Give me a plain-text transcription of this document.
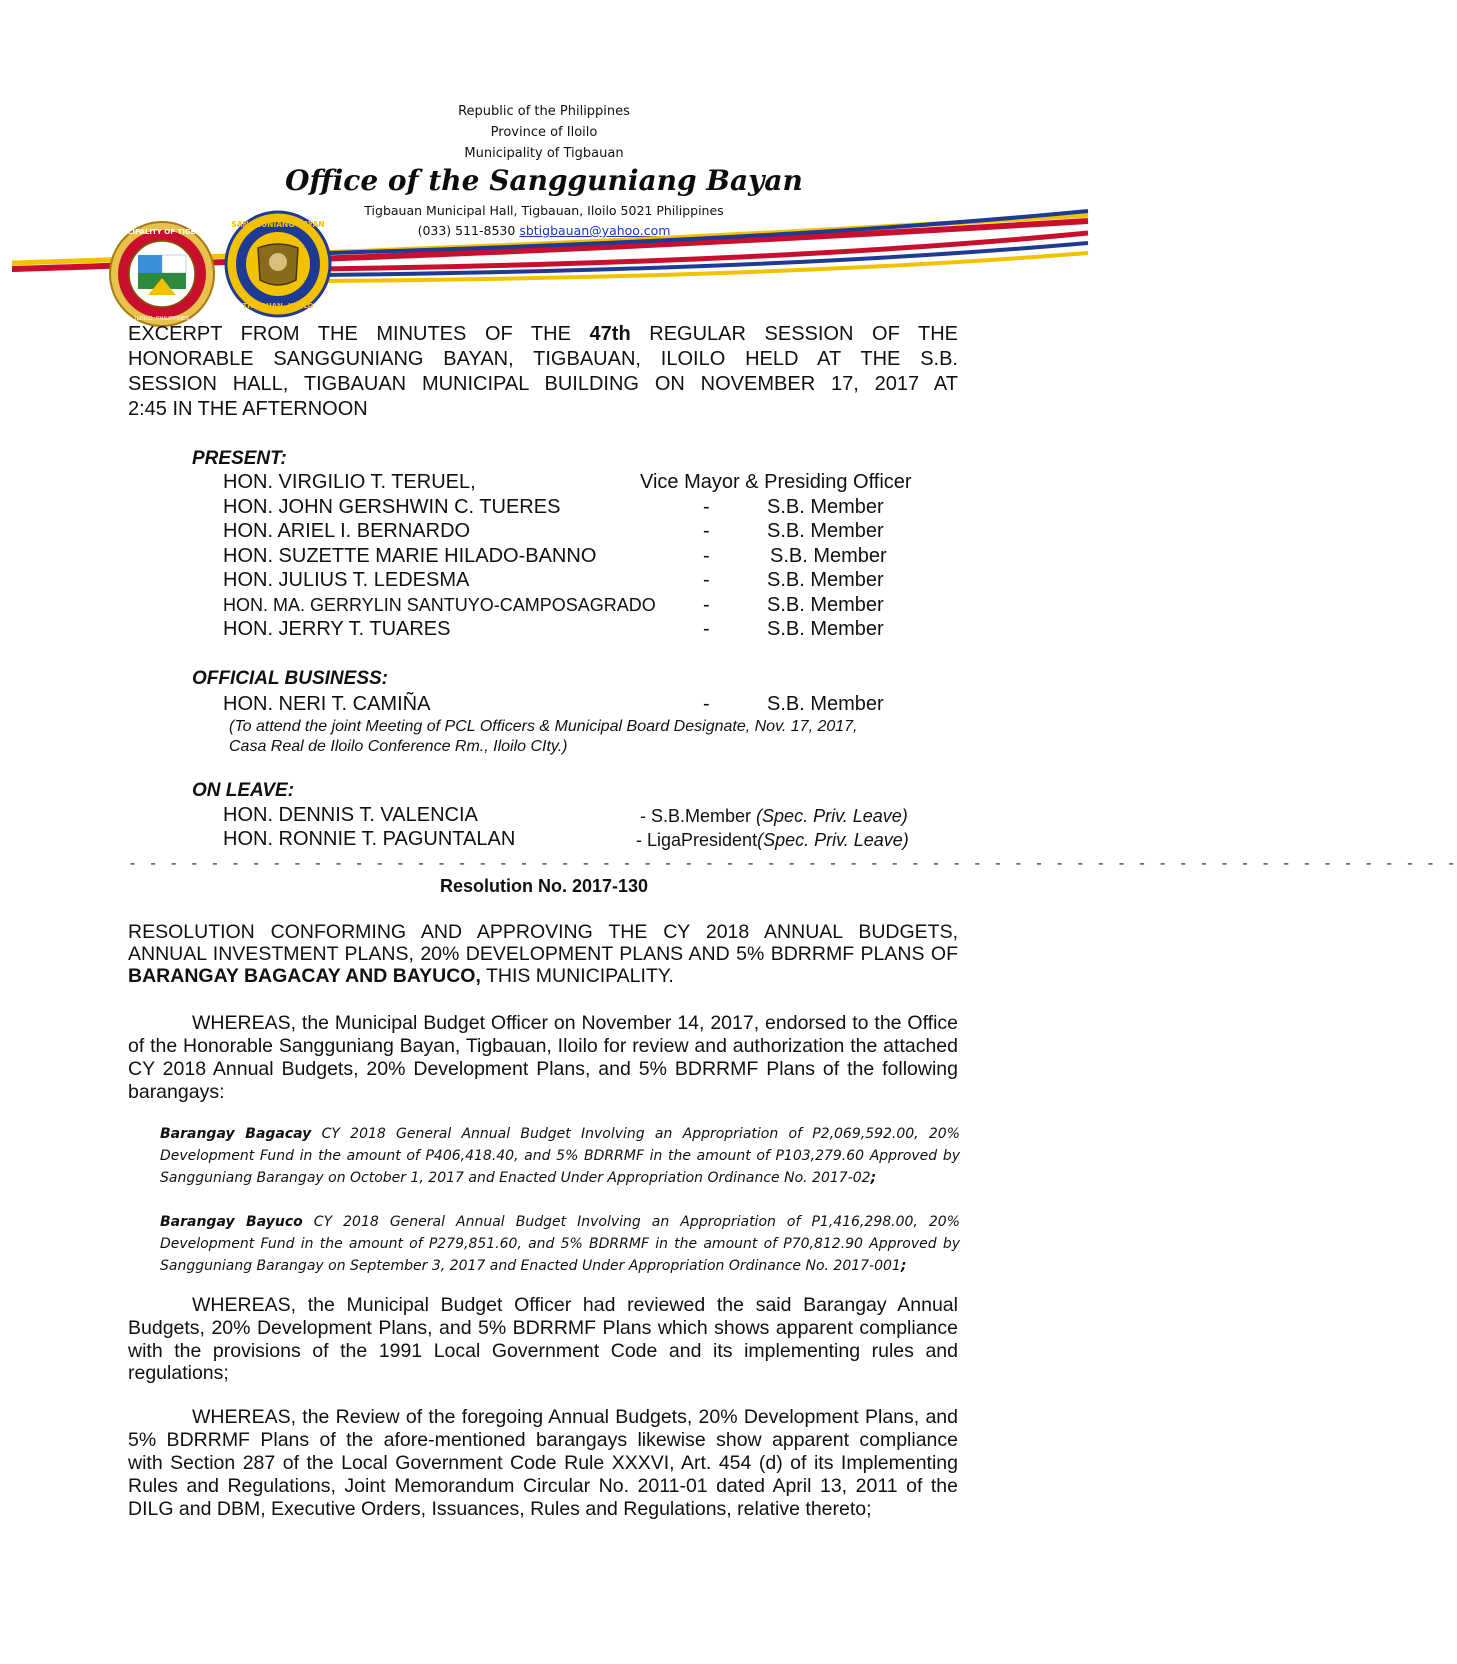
Republic of the Philippines
Province of Iloilo
Municipality of Tigbauan
Office of the Sangguniang Bayan
Tigbauan Municipal Hall, Tigbauan, Iloilo 5021 Philippines
(033) 511-8530 sbtigbauan@yahoo.com
MUNICIPALITY OF TIGBAUAN
ILOILO, PHILIPPINES
SANGGUNIANG BAYAN
TIGBAUAN, ILOILO
EXCERPT FROM THE MINUTES OF THE 47th REGULAR SESSION OF THE
HONORABLE SANGGUNIANG BAYAN, TIGBAUAN, ILOILO HELD AT THE S.B.
SESSION HALL, TIGBAUAN MUNICIPAL BUILDING ON NOVEMBER 17, 2017 AT
2:45 IN THE AFTERNOON
PRESENT:
HON. VIRGILIO T. TERUEL,	Vice Mayor & Presiding Officer
HON. JOHN GERSHWIN C. TUERES	-	S.B. Member
HON. ARIEL I. BERNARDO	-	S.B. Member
HON. SUZETTE MARIE HILADO-BANNO	-	S.B. Member
HON. JULIUS T. LEDESMA	-	S.B. Member
HON. MA. GERRYLIN SANTUYO-CAMPOSAGRADO -	S.B. Member
HON. JERRY T. TUARES	-	S.B. Member
OFFICIAL BUSINESS:
HON. NERI T. CAMIÑA	-	S.B. Member
(To attend the joint Meeting of PCL Officers & Municipal Board Designate, Nov. 17, 2017,
Casa Real de Iloilo Conference Rm., Iloilo CIty.)
ON LEAVE:
HON. DENNIS T. VALENCIA	- S.B.Member (Spec. Priv. Leave)
HON. RONNIE T. PAGUNTALAN	- LigaPresident(Spec. Priv. Leave)
- - - - - - - - - - - - - - - - - - - - - - - - - - - - - - - - - - - - - - - - - - - - - - - - - - - - - - - - - - - - - - - - -
Resolution No. 2017-130
RESOLUTION CONFORMING AND APPROVING THE CY 2018 ANNUAL BUDGETS,
ANNUAL INVESTMENT PLANS, 20% DEVELOPMENT PLANS AND 5% BDRRMF PLANS OF
BARANGAY BAGACAY AND BAYUCO, THIS MUNICIPALITY.
WHEREAS, the Municipal Budget Officer on November 14, 2017, endorsed to the Office
of the Honorable Sangguniang Bayan, Tigbauan, Iloilo for review and authorization the attached
CY 2018 Annual Budgets, 20% Development Plans, and 5% BDRRMF Plans of the following
barangays:
Barangay Bagacay CY 2018 General Annual Budget Involving an Appropriation of P2,069,592.00, 20% Development Fund in the amount of P406,418.40, and 5% BDRRMF in the amount of P103,279.60 Approved by Sangguniang Barangay on October 1, 2017 and Enacted Under Appropriation Ordinance No. 2017-02;
Barangay Bayuco CY 2018 General Annual Budget Involving an Appropriation of P1,416,298.00, 20% Development Fund in the amount of P279,851.60, and 5% BDRRMF in the amount of P70,812.90 Approved by Sangguniang Barangay on September 3, 2017 and Enacted Under Appropriation Ordinance No. 2017-001;
WHEREAS, the Municipal Budget Officer had reviewed the said Barangay Annual
Budgets, 20% Development Plans, and 5% BDRRMF Plans which shows apparent compliance
with the provisions of the 1991 Local Government Code and its implementing rules and
regulations;
WHEREAS, the Review of the foregoing Annual Budgets, 20% Development Plans, and
5% BDRRMF Plans of the afore-mentioned barangays likewise show apparent compliance
with Section 287 of the Local Government Code Rule XXXVI, Art. 454 (d) of its Implementing
Rules and Regulations, Joint Memorandum Circular No. 2011-01 dated April 13, 2011 of the
DILG and DBM, Executive Orders, Issuances, Rules and Regulations, relative thereto;
